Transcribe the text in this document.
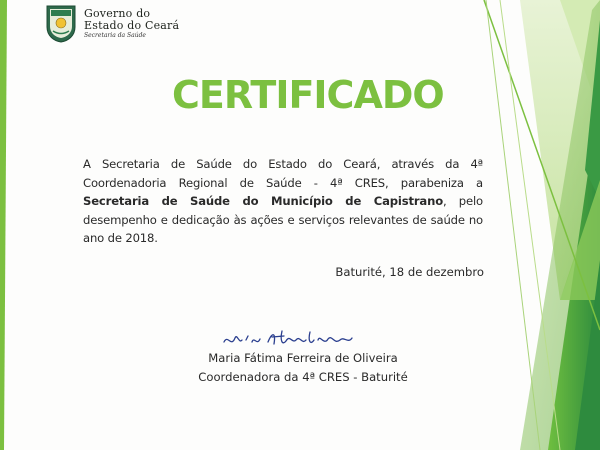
Governo do
Estado do Ceará
Secretaria da Saúde
CERTIFICADO
A Secretaria de Saúde do Estado do Ceará, através da 4ª Coordenadoria Regional de Saúde - 4ª CRES, parabeniza a Secretaria de Saúde do Município de Capistrano, pelo desempenho e dedicação às ações e serviços relevantes de saúde no ano de 2018.
Baturité, 18 de dezembro
Maria Fátima Ferreira de Oliveira
Coordenadora da 4ª CRES - Baturité
